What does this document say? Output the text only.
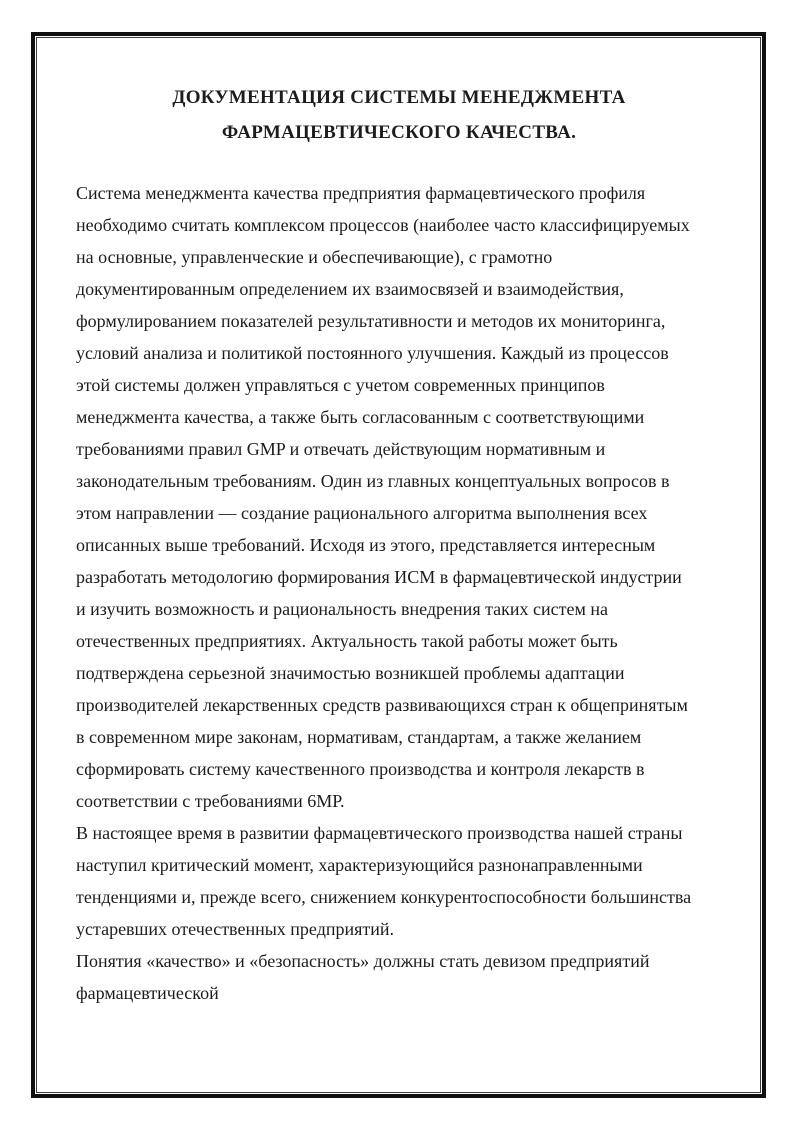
ДОКУМЕНТАЦИЯ СИСТЕМЫ МЕНЕДЖМЕНТА
ФАРМАЦЕВТИЧЕСКОГО КАЧЕСТВА.
Система менеджмента качества предприятия фармацевтического профиля
необходимо считать комплексом процессов (наиболее часто классифицируемых
на основные, управленческие и обеспечивающие), с грамотно
документированным определением их взаимосвязей и взаимодействия,
формулированием показателей результативности и методов их мониторинга,
условий анализа и политикой постоянного улучшения. Каждый из процессов
этой системы должен управляться с учетом современных принципов
менеджмента качества, а также быть согласованным с соответствующими
требованиями правил GMP и отвечать действующим нормативным и
законодательным требованиям. Один из главных концептуальных вопросов в
этом направлении — создание рационального алгоритма выполнения всех
описанных выше требований. Исходя из этого, представляется интересным
разработать методологию формирования ИСМ в фармацевтической индустрии
и изучить возможность и рациональность внедрения таких систем на
отечественных предприятиях. Актуальность такой работы может быть
подтверждена серьезной значимостью возникшей проблемы адаптации
производителей лекарственных средств развивающихся стран к общепринятым
в современном мире законам, нормативам, стандартам, а также желанием
сформировать систему качественного производства и контроля лекарств в
соответствии с требованиями 6МР.
В настоящее время в развитии фармацевтического производства нашей страны
наступил критический момент, характеризующийся разнонаправленными
тенденциями и, прежде всего, снижением конкурентоспособности большинства
устаревших отечественных предприятий.
Понятия «качество» и «безопасность» должны стать девизом предприятий
фармацевтической
